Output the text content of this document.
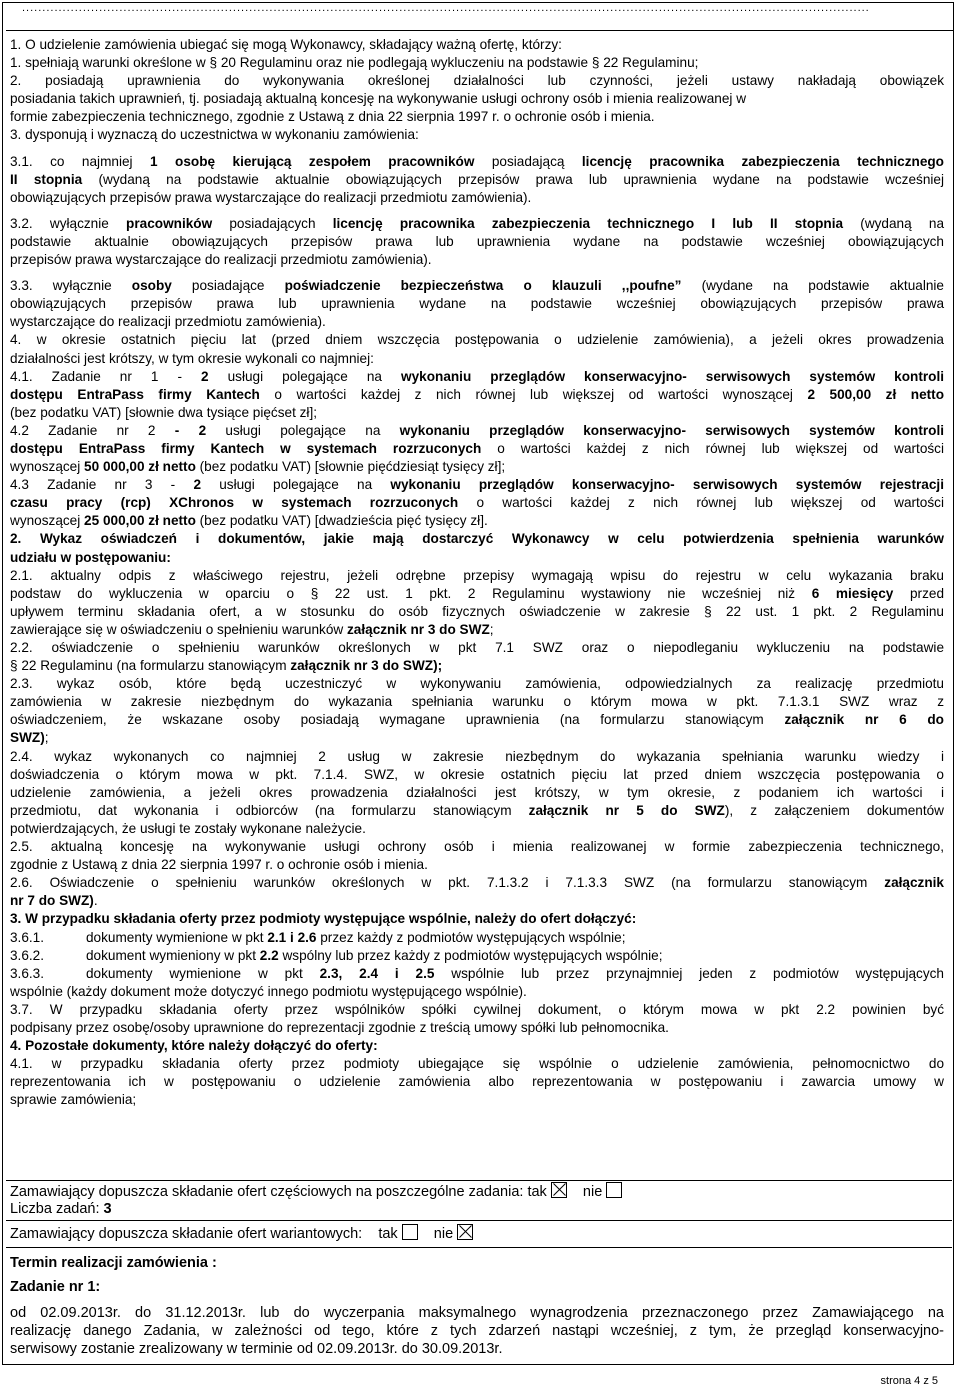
.................................................................................................................................................................................................................

1. O udzielenie zamówienia ubiegać się mogą Wykonawcy, składający ważną ofertę, którzy:

1. spełniają warunki określone w § 20 Regulaminu oraz nie podlegają wykluczeniu na podstawie § 22 Regulaminu;

2. posiadają uprawnienia do wykonywania określonej działalności lub czynności, jeżeli ustawy nakładają obowiązek

posiadania takich uprawnień, tj. posiadają aktualną koncesję na wykonywanie usługi ochrony osób i mienia realizowanej w

formie zabezpieczenia technicznego, zgodnie z Ustawą z dnia 22 sierpnia 1997 r. o ochronie osób i mienia.

3. dysponują i wyznaczą do uczestnictwa w wykonaniu zamówienia:

3.1. co najmniej 1 osobę kierującą zespołem pracowników posiadającą licencję pracownika zabezpieczenia technicznego

II stopnia (wydaną na podstawie aktualnie obowiązujących przepisów prawa lub uprawnienia wydane na podstawie wcześniej

obowiązujących przepisów prawa wystarczające do realizacji przedmiotu zamówienia).

3.2. wyłącznie pracowników posiadających licencję pracownika zabezpieczenia technicznego I lub II stopnia (wydaną na

podstawie aktualnie obowiązujących przepisów prawa lub uprawnienia wydane na podstawie wcześniej obowiązujących

przepisów prawa wystarczające do realizacji przedmiotu zamówienia).

3.3. wyłącznie osoby posiadające poświadczenie bezpieczeństwa o klauzuli ,,poufne” (wydane na podstawie aktualnie

obowiązujących przepisów prawa lub uprawnienia wydane na podstawie wcześniej obowiązujących przepisów prawa

wystarczające do realizacji przedmiotu zamówienia).

4. w okresie ostatnich pięciu lat (przed dniem wszczęcia postępowania o udzielenie zamówienia), a jeżeli okres prowadzenia

działalności jest krótszy, w tym okresie wykonali co najmniej:

4.1. Zadanie nr 1 - 2 usługi polegające na wykonaniu przeglądów konserwacyjno- serwisowych systemów kontroli

dostępu EntraPass firmy Kantech o wartości każdej z nich równej lub większej od wartości wynoszącej 2 500,00 zł netto

(bez podatku VAT) [słownie dwa tysiące pięćset zł];

4.2 Zadanie nr 2 - 2 usługi polegające na wykonaniu przeglądów konserwacyjno- serwisowych systemów kontroli

dostępu EntraPass firmy Kantech w systemach rozrzuconych o wartości każdej z nich równej lub większej od wartości

wynoszącej 50 000,00 zł netto (bez podatku VAT) [słownie pięćdziesiąt tysięcy zł];

4.3 Zadanie nr 3 - 2 usługi polegające na wykonaniu przeglądów konserwacyjno- serwisowych systemów rejestracji

czasu pracy (rcp) XChronos w systemach rozrzuconych o wartości każdej z nich równej lub większej od wartości

wynoszącej 25 000,00 zł netto (bez podatku VAT) [dwadzieścia pięć tysięcy zł].

2. Wykaz oświadczeń i dokumentów, jakie mają dostarczyć Wykonawcy w celu potwierdzenia spełnienia warunków

udziału w postępowaniu:

2.1. aktualny odpis z właściwego rejestru, jeżeli odrębne przepisy wymagają wpisu do rejestru w celu wykazania braku

podstaw do wykluczenia w oparciu o § 22 ust. 1 pkt. 2 Regulaminu wystawiony nie wcześniej niż 6 miesięcy przed

upływem terminu składania ofert, a w stosunku do osób fizycznych oświadczenie w zakresie § 22 ust. 1 pkt. 2 Regulaminu

zawierające się w oświadczeniu o spełnieniu warunków załącznik nr 3 do SWZ;

2.2. oświadczenie o spełnieniu warunków określonych w pkt 7.1 SWZ oraz o niepodleganiu wykluczeniu na podstawie

§ 22 Regulaminu (na formularzu stanowiącym załącznik nr 3 do SWZ);

2.3. wykaz osób, które będą uczestniczyć w wykonywaniu zamówienia, odpowiedzialnych za realizację przedmiotu

zamówienia w zakresie niezbędnym do wykazania spełniania warunku o którym mowa w pkt. 7.1.3.1 SWZ wraz z

oświadczeniem, że wskazane osoby posiadają wymagane uprawnienia (na formularzu stanowiącym załącznik nr 6 do

SWZ);

2.4. wykaz wykonanych co najmniej 2 usług w zakresie niezbędnym do wykazania spełniania warunku wiedzy i

doświadczenia o którym mowa w pkt. 7.1.4. SWZ, w okresie ostatnich pięciu lat przed dniem wszczęcia postępowania o

udzielenie zamówienia, a jeżeli okres prowadzenia działalności jest krótszy, w tym okresie, z podaniem ich wartości i

przedmiotu, dat wykonania i odbiorców (na formularzu stanowiącym załącznik nr 5 do SWZ), z załączeniem dokumentów

potwierdzających, że usługi te zostały wykonane należycie.

2.5. aktualną koncesję na wykonywanie usługi ochrony osób i mienia realizowanej w formie zabezpieczenia technicznego,

zgodnie z Ustawą z dnia 22 sierpnia 1997 r. o ochronie osób i mienia.

2.6. Oświadczenie o spełnieniu warunków określonych w pkt. 7.1.3.2 i 7.1.3.3 SWZ (na formularzu stanowiącym załącznik

nr 7 do SWZ).

3. W przypadku składania oferty przez podmioty występujące wspólnie, należy do ofert dołączyć:

3.6.1.	dokumenty wymienione w pkt 2.1 i 2.6 przez każdy z podmiotów występujących wspólnie;

3.6.2.	dokument wymieniony w pkt 2.2 wspólny lub przez każdy z podmiotów występujących wspólnie;

3.6.3.	dokumenty wymienione w pkt 2.3, 2.4 i 2.5 wspólnie lub przez przynajmniej jeden z podmiotów występujących

wspólnie (każdy dokument może dotyczyć innego podmiotu występującego wspólnie).

3.7. W przypadku składania oferty przez wspólników spółki cywilnej dokument, o którym mowa w pkt 2.2 powinien być

podpisany przez osobę/osoby uprawnione do reprezentacji zgodnie z treścią umowy spółki lub pełnomocnika.

4. Pozostałe dokumenty, które należy dołączyć do oferty:

4.1. w przypadku składania oferty przez podmioty ubiegające się wspólnie o udzielenie zamówienia, pełnomocnictwo do

reprezentowania ich w postępowaniu o udzielenie zamówienia albo reprezentowania w postępowaniu i zawarcia umowy w

sprawie zamówienia;

Zamawiający dopuszcza składanie ofert częściowych na poszczególne zadania: tak nie
Liczba zadań: 3
Zamawiający dopuszcza składanie ofert wariantowych: tak nie

Termin realizacji zamówienia :

Zadanie nr 1:

od 02.09.2013r. do 31.12.2013r. lub do wyczerpania maksymalnego wynagrodzenia przeznaczonego przez Zamawiającego na

realizację danego Zadania, w zależności od tego, które z tych zdarzeń nastąpi wcześniej, z tym, że przegląd konserwacyjno-

serwisowy zostanie zrealizowany w terminie od 02.09.2013r. do 30.09.2013r.

strona 4 z 5
